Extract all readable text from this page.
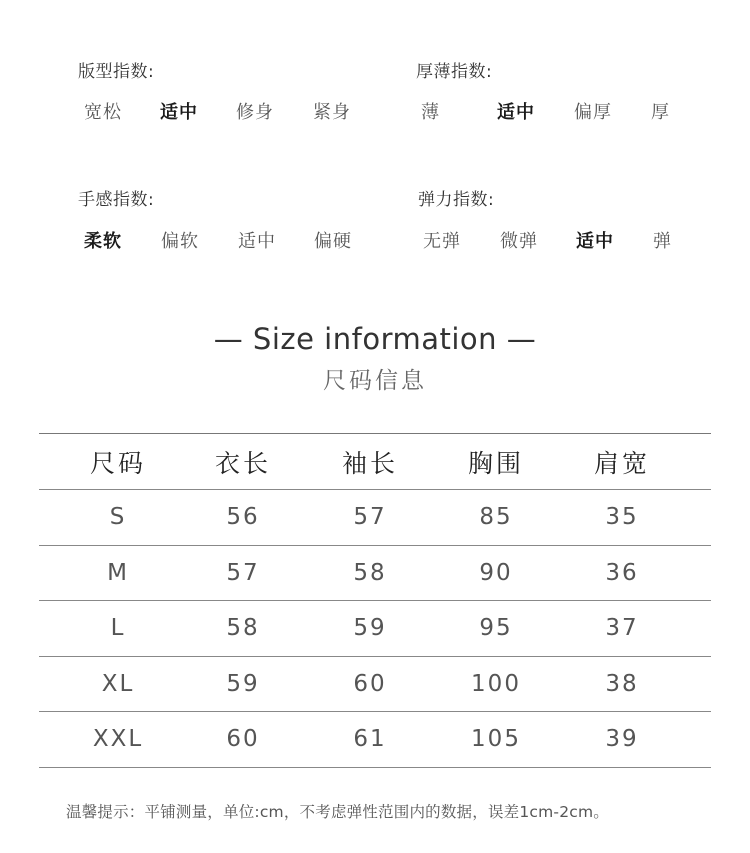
版型指数:
宽松 适中 修身 紧身
厚薄指数:
薄	适中 偏厚 厚
手感指数:
柔软 偏软 适中 偏硬
弹力指数:
无弹 微弹 适中 弹
— Size information —
尺码信息
尺码	衣长	袖长	胸围	肩宽
S	56	57	85	35
M	57	58	90	36
L	58	59	95	37
XL	59	60	100	38
XXL	60	61	105	39
温馨提示：平铺测量，单位:cm，不考虑弹性范围内的数据，误差1cm-2cm。
